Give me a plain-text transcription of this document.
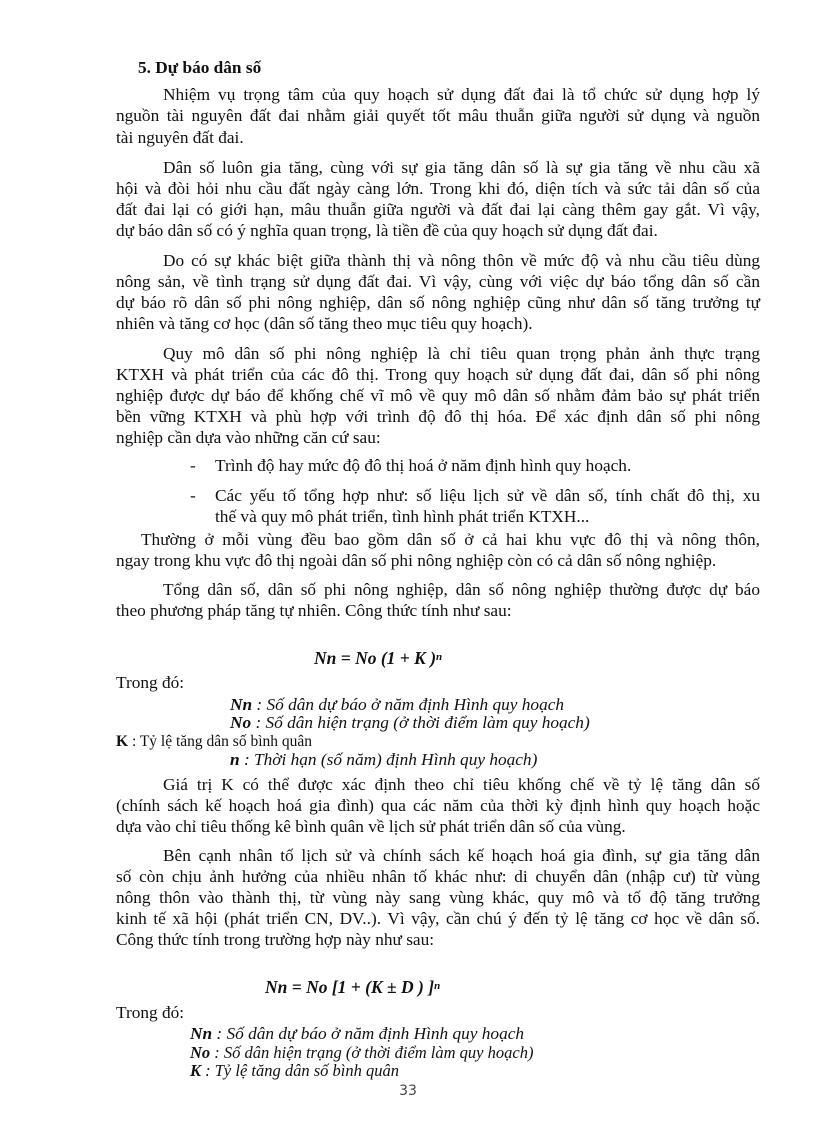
5. Dự báo dân số
Nhiệm vụ trọng tâm của quy hoạch sử dụng đất đai là tổ chức sử dụng hợp lý
nguồn tài nguyên đất đai nhằm giải quyết tốt mâu thuẫn giữa người sử dụng và nguồn
tài nguyên đất đai.
Dân số luôn gia tăng, cùng với sự gia tăng dân số là sự gia tăng về nhu cầu xã
hội và đòi hỏi nhu cầu đất ngày càng lớn. Trong khi đó, diện tích và sức tải dân số của
đất đai lại có giới hạn, mâu thuẫn giữa người và đất đai lại càng thêm gay gắt. Vì vậy,
dự báo dân số có ý nghĩa quan trọng, là tiền đề của quy hoạch sử dụng đất đai.
Do có sự khác biệt giữa thành thị và nông thôn về mức độ và nhu cầu tiêu dùng
nông sản, về tình trạng sử dụng đất đai. Vì vậy, cùng với việc dự báo tổng dân số cần
dự báo rõ dân số phi nông nghiệp, dân số nông nghiệp cũng như dân số tăng trưởng tự
nhiên và tăng cơ học (dân số tăng theo mục tiêu quy hoạch).
Quy mô dân số phi nông nghiệp là chỉ tiêu quan trọng phản ảnh thực trạng
KTXH và phát triển của các đô thị. Trong quy hoạch sử dụng đất đai, dân số phi nông
nghiệp được dự báo để khống chế vĩ mô về quy mô dân số nhằm đảm bảo sự phát triển
bền vững KTXH và phù hợp với trình độ đô thị hóa. Để xác định dân số phi nông
nghiệp cần dựa vào những căn cứ sau:
- Trình độ hay mức độ đô thị hoá ở năm định hình quy hoạch.
- Các yếu tố tổng hợp như: số liệu lịch sử về dân số, tính chất đô thị, xu
thế và quy mô phát triển, tình hình phát triển KTXH...
Thường ở mỗi vùng đều bao gồm dân số ở cả hai khu vực đô thị và nông thôn,
ngay trong khu vực đô thị ngoài dân số phi nông nghiệp còn có cả dân số nông nghiệp.
Tổng dân số, dân số phi nông nghiệp, dân số nông nghiệp thường được dự báo
theo phương pháp tăng tự nhiên. Công thức tính như sau:
Nn = No (1 + K )$^n$
Trong đó:
Nn : Số dân dự báo ở năm định Hình quy hoạch
No : Số dân hiện trạng (ở thời điểm làm quy hoạch)
K : Tỷ lệ tăng dân số bình quân
n : Thời hạn (số năm) định Hình quy hoạch)
Giá trị K có thể được xác định theo chỉ tiêu khống chế về tỷ lệ tăng dân số
(chính sách kế hoạch hoá gia đình) qua các năm của thời kỳ định hình quy hoạch hoặc
dựa vào chỉ tiêu thống kê bình quân về lịch sử phát triển dân số của vùng.
Bên cạnh nhân tố lịch sử và chính sách kế hoạch hoá gia đình, sự gia tăng dân
số còn chịu ảnh hưởng của nhiều nhân tố khác như: di chuyển dân (nhập cư) từ vùng
nông thôn vào thành thị, từ vùng này sang vùng khác, quy mô và tố độ tăng trưởng
kinh tế xã hội (phát triển CN, DV..). Vì vậy, cần chú ý đến tỷ lệ tăng cơ học về dân số.
Công thức tính trong trường hợp này như sau:
Nn = No [1 + (K ± D ) ]$^n$
Trong đó:
Nn : Số dân dự báo ở năm định Hình quy hoạch
No : Số dân hiện trạng (ở thời điểm làm quy hoạch)
K : Tỷ lệ tăng dân số bình quân
33
